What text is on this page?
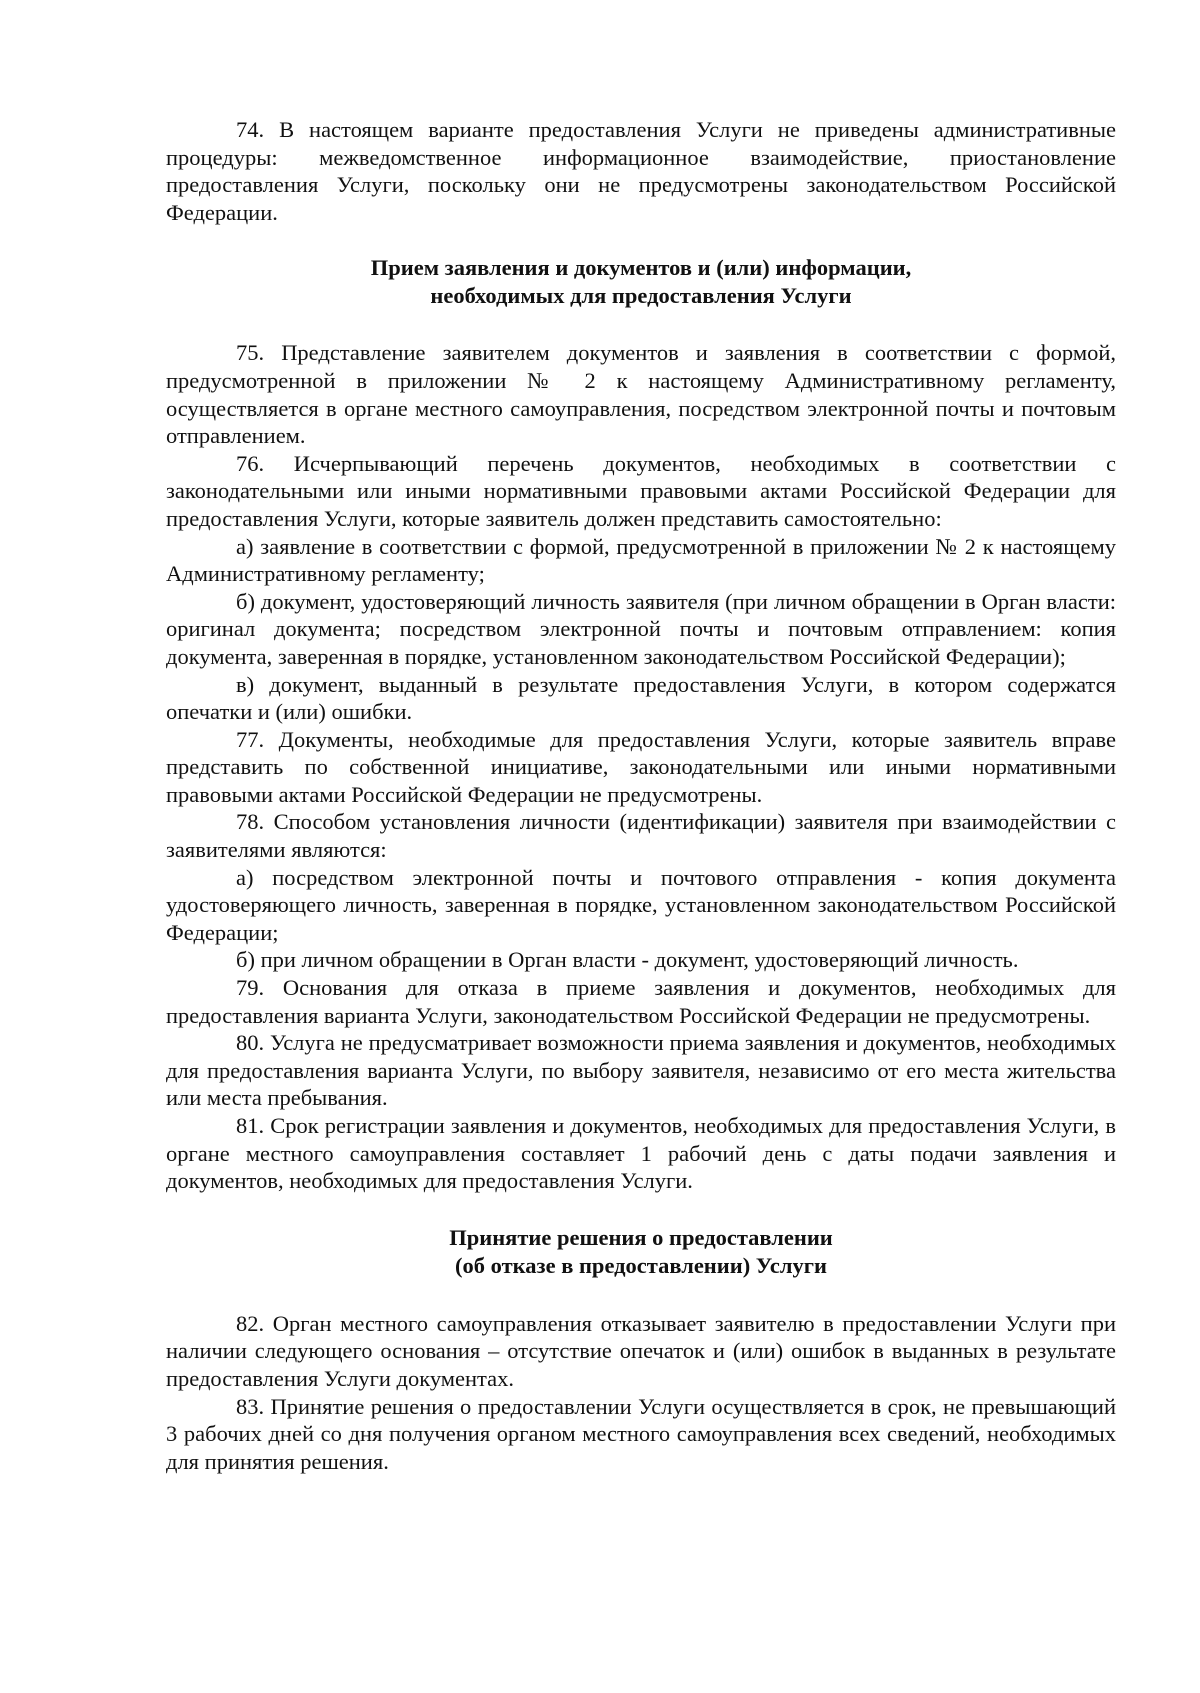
74. В настоящем варианте предоставления Услуги не приведены административные процедуры: межведомственное информационное взаимодействие, приостановление предоставления Услуги, поскольку они не предусмотрены законодательством Российской Федерации.

Прием заявления и документов и (или) информации,
необходимых для предоставления Услуги

75. Представление заявителем документов и заявления в соответствии с формой, предусмотренной в приложении № 2 к настоящему Административному регламенту, осуществляется в органе местного самоуправления, посредством электронной почты и почтовым отправлением.

76. Исчерпывающий перечень документов, необходимых в соответствии с законодательными или иными нормативными правовыми актами Российской Федерации для предоставления Услуги, которые заявитель должен представить самостоятельно:

а) заявление в соответствии с формой, предусмотренной в приложении № 2 к настоящему Административному регламенту;

б) документ, удостоверяющий личность заявителя (при личном обращении в Орган власти: оригинал документа; посредством электронной почты и почтовым отправлением: копия документа, заверенная в порядке, установленном законодательством Российской Федерации);

в) документ, выданный в результате предоставления Услуги, в котором содержатся опечатки и (или) ошибки.

77. Документы, необходимые для предоставления Услуги, которые заявитель вправе представить по собственной инициативе, законодательными или иными нормативными правовыми актами Российской Федерации не предусмотрены.

78. Способом установления личности (идентификации) заявителя при взаимодействии с заявителями являются:

а) посредством электронной почты и почтового отправления - копия документа удостоверяющего личность, заверенная в порядке, установленном законодательством Российской Федерации;

б) при личном обращении в Орган власти - документ, удостоверяющий личность.

79. Основания для отказа в приеме заявления и документов, необходимых для предоставления варианта Услуги, законодательством Российской Федерации не предусмотрены.

80. Услуга не предусматривает возможности приема заявления и документов, необходимых для предоставления варианта Услуги, по выбору заявителя, независимо от его места жительства или места пребывания.

81. Срок регистрации заявления и документов, необходимых для предоставления Услуги, в органе местного самоуправления составляет 1 рабочий день с даты подачи заявления и документов, необходимых для предоставления Услуги.

Принятие решения о предоставлении
(об отказе в предоставлении) Услуги

82. Орган местного самоуправления отказывает заявителю в предоставлении Услуги при наличии следующего основания – отсутствие опечаток и (или) ошибок в выданных в результате предоставления Услуги документах.

83. Принятие решения о предоставлении Услуги осуществляется в срок, не превышающий 3 рабочих дней со дня получения органом местного самоуправления всех сведений, необходимых для принятия решения.
